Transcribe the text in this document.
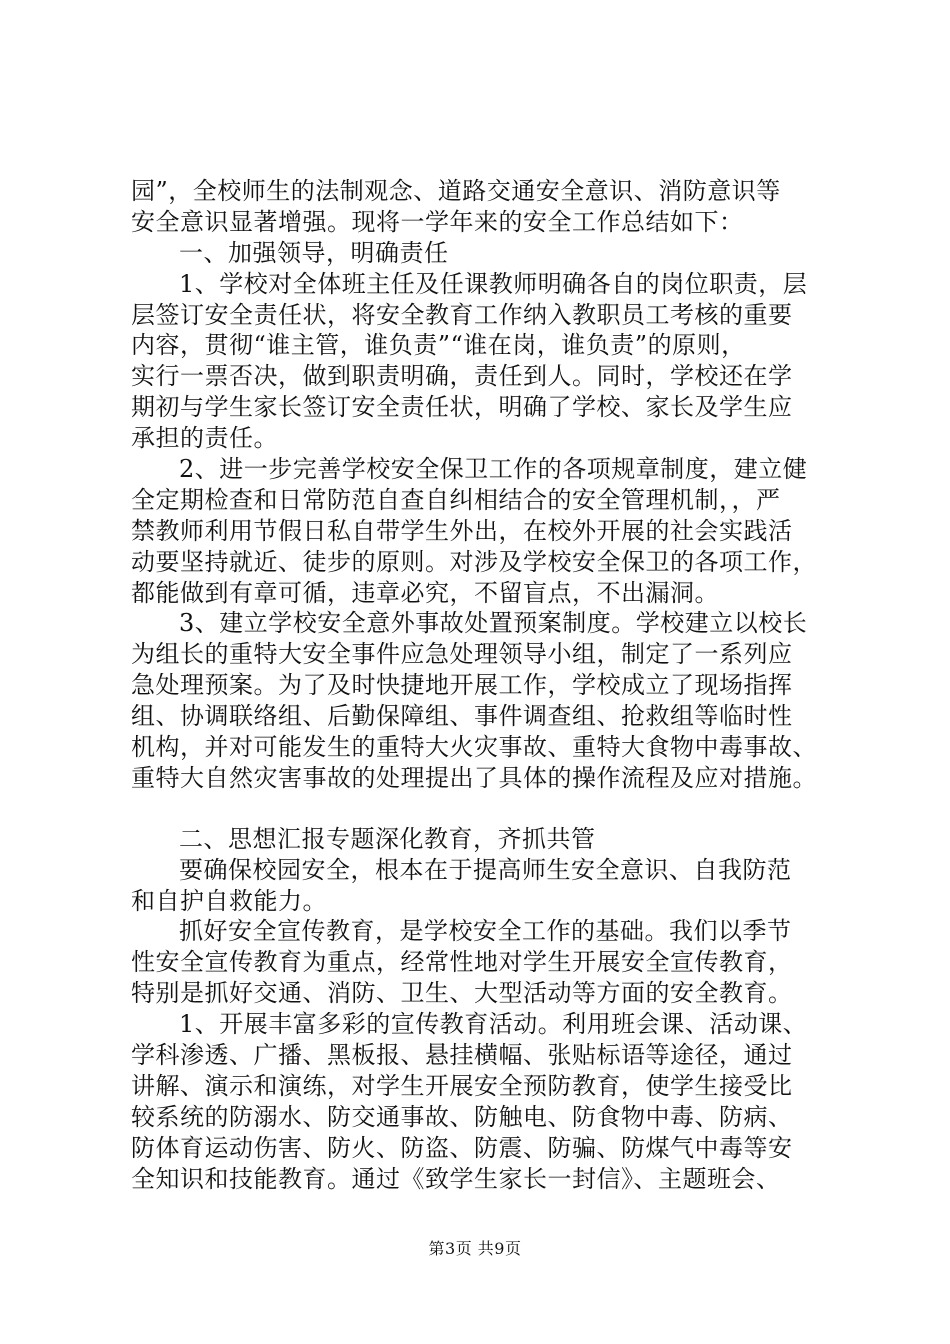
园”，全校师生的法制观念、道路交通安全意识、消防意识等
安全意识显著增强。现将一学年来的安全工作总结如下：
一、加强领导，明确责任
1、学校对全体班主任及任课教师明确各自的岗位职责，层
层签订安全责任状，将安全教育工作纳入教职员工考核的重要
内容，贯彻“谁主管，谁负责”“谁在岗，谁负责”的原则，
实行一票否决，做到职责明确，责任到人。同时，学校还在学
期初与学生家长签订安全责任状，明确了学校、家长及学生应
承担的责任。
2、进一步完善学校安全保卫工作的各项规章制度，建立健
全定期检查和日常防范自查自纠相结合的安全管理机制，，严
禁教师利用节假日私自带学生外出，在校外开展的社会实践活
动要坚持就近、徒步的原则。对涉及学校安全保卫的各项工作，
都能做到有章可循，违章必究，不留盲点，不出漏洞。
3、建立学校安全意外事故处置预案制度。学校建立以校长
为组长的重特大安全事件应急处理领导小组，制定了一系列应
急处理预案。为了及时快捷地开展工作，学校成立了现场指挥
组、协调联络组、后勤保障组、事件调查组、抢救组等临时性
机构，并对可能发生的重特大火灾事故、重特大食物中毒事故、
重特大自然灾害事故的处理提出了具体的操作流程及应对措施。
二、思想汇报专题深化教育，齐抓共管
要确保校园安全，根本在于提高师生安全意识、自我防范
和自护自救能力。
抓好安全宣传教育，是学校安全工作的基础。我们以季节
性安全宣传教育为重点，经常性地对学生开展安全宣传教育，
特别是抓好交通、消防、卫生、大型活动等方面的安全教育。
1、开展丰富多彩的宣传教育活动。利用班会课、活动课、
学科渗透、广播、黑板报、悬挂横幅、张贴标语等途径，通过
讲解、演示和演练，对学生开展安全预防教育，使学生接受比
较系统的防溺水、防交通事故、防触电、防食物中毒、防病、
防体育运动伤害、防火、防盗、防震、防骗、防煤气中毒等安
全知识和技能教育。通过《致学生家长一封信》、主题班会、
第3页 共9页
